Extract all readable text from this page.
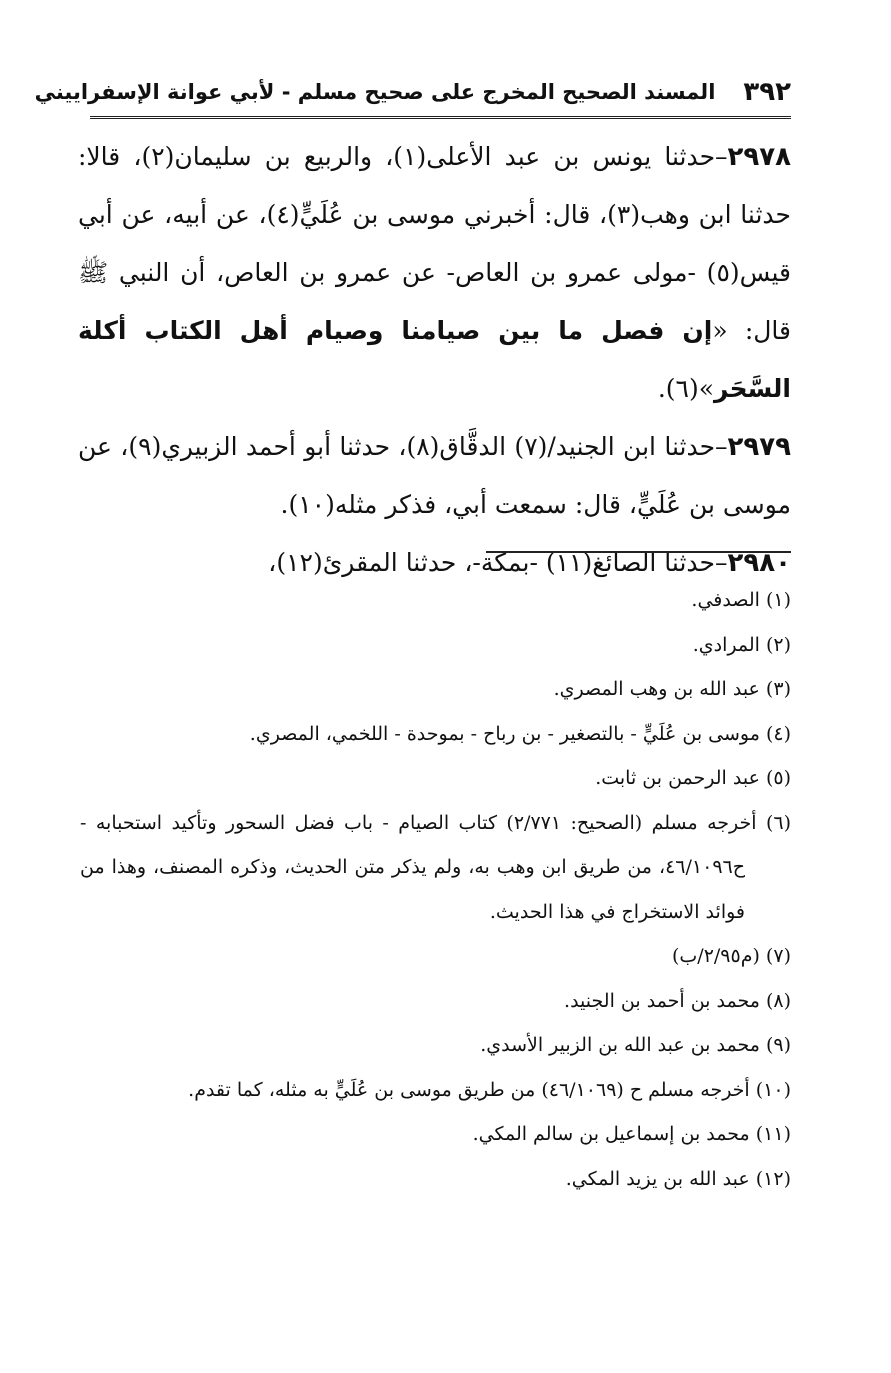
٣٩٢
المسند الصحيح المخرج على صحيح مسلم - لأبي عوانة الإسفراييني

٢٩٧٨–حدثنا يونس بن عبد الأعلى(١)، والربيع بن سليمان(٢)، قالا: حدثنا ابن وهب(٣)، قال: أخبرني موسى بن عُلَيٍّ(٤)، عن أبيه، عن أبي قيس(٥) -مولى عمرو بن العاص- عن عمرو بن العاص، أن النبي ﷺ قال: «إن فصل ما بين صيامنا وصيام أهل الكتاب أكلة السَّحَر»(٦).

٢٩٧٩–حدثنا ابن الجنيد/(٧) الدقَّاق(٨)، حدثنا أبو أحمد الزبيري(٩)، عن موسى بن عُلَيٍّ، قال: سمعت أبي، فذكر مثله(١٠).

٢٩٨٠–حدثنا الصائغ(١١) -بمكة-، حدثنا المقرئ(١٢)،

(١) الصدفي.

(٢) المرادي.

(٣) عبد الله بن وهب المصري.

(٤) موسى بن عُلَيٍّ - بالتصغير - بن رباح - بموحدة - اللخمي، المصري.

(٥) عبد الرحمن بن ثابت.

(٦) أخرجه مسلم (الصحيح: ٢/٧٧١) كتاب الصيام - باب فضل السحور وتأكيد استحبابه - ح٤٦/١٠٩٦، من طريق ابن وهب به، ولم يذكر متن الحديث، وذكره المصنف، وهذا من فوائد الاستخراج في هذا الحديث.

(٧) (م٢/٩٥/ب)

(٨) محمد بن أحمد بن الجنيد.

(٩) محمد بن عبد الله بن الزبير الأسدي.

(١٠) أخرجه مسلم ح (٤٦/١٠٦٩) من طريق موسى بن عُلَيٍّ به مثله، كما تقدم.

(١١) محمد بن إسماعيل بن سالم المكي.

(١٢) عبد الله بن يزيد المكي.
